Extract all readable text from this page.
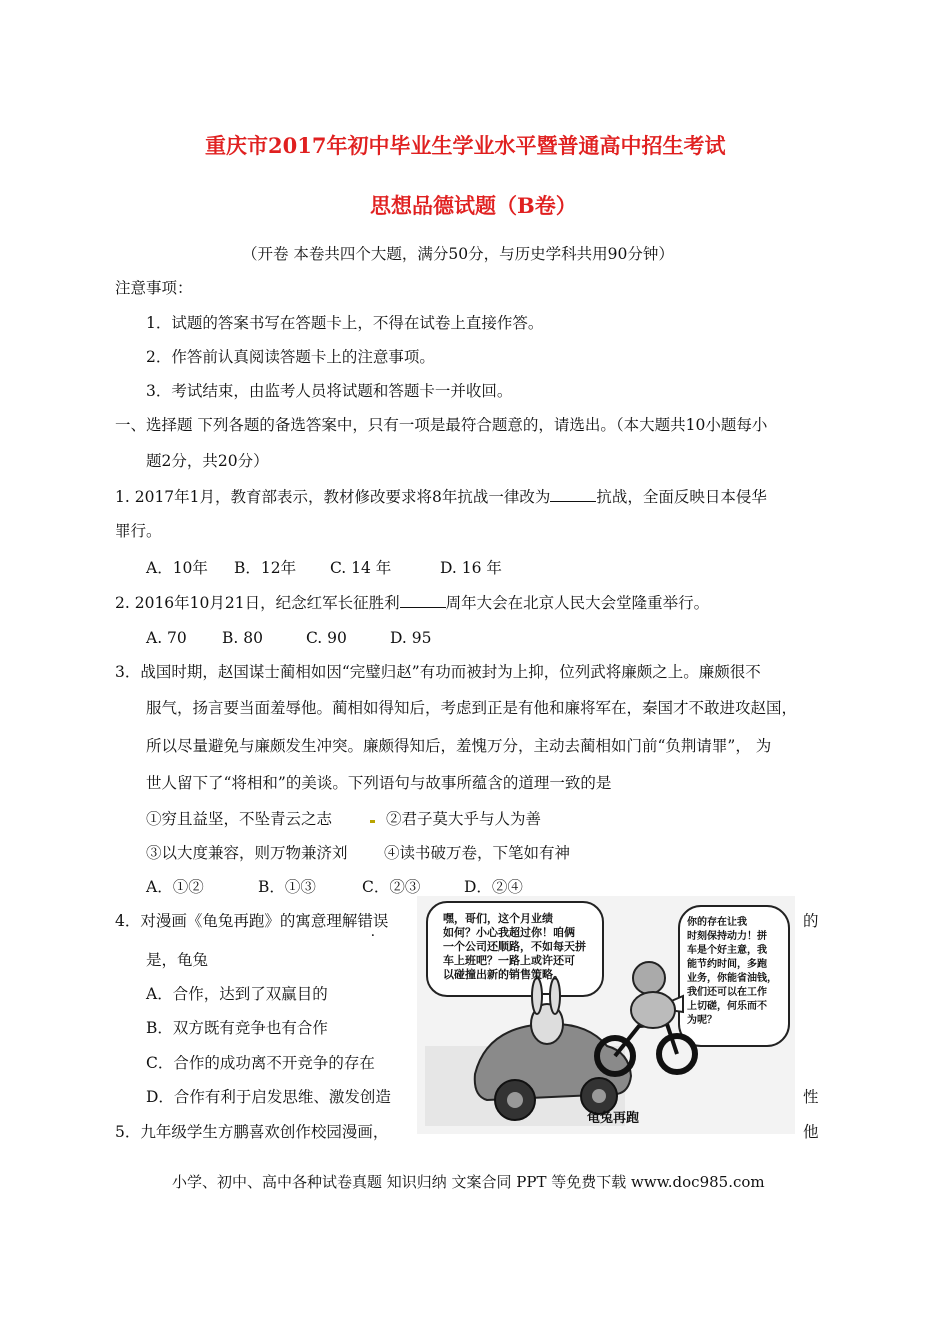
重庆市2017年初中毕业生学业水平暨普通高中招生考试
思想品德试题（B卷）
（开卷 本卷共四个大题，满分50分，与历史学科共用90分钟）
注意事项：
1．试题的答案书写在答题卡上，不得在试卷上直接作答。
2．作答前认真阅读答题卡上的注意事项。
3．考试结束，由监考人员将试题和答题卡一并收回。
一、选择题 下列各题的备选答案中，只有一项是最符合题意的，请选出。（本大题共10小题每小
题2分，共20分）
1. 2017年1月，教育部表示，教材修改要求将8年抗战一律改为	抗战，全面反映日本侵华
罪行。
A．10年 B．12年 C. 14 年	D. 16 年
2. 2016年10月21日，纪念红军长征胜利	周年大会在北京人民大会堂隆重举行。
A. 70 B. 80	C. 90	D. 95
3．战国时期，赵国谋士蔺相如因“完璧归赵”有功而被封为上抑，位列武将廉颇之上。廉颇很不
服气，扬言要当面羞辱他。蔺相如得知后，考虑到正是有他和廉将军在，秦国才不敢进攻赵国，
所以尽量避免与廉颇发生冲突。廉颇得知后，羞愧万分，主动去蔺相如门前“负荆请罪”， 为
世人留下了“将相和”的美谈。下列语句与故事所蕴含的道理一致的是
①穷且益坚，不坠青云之志	②君子莫大乎与人为善
③以大度兼容，则万物兼济刘 ④读书破万卷，下笔如有神
A．①②	B．①③	C．②③	D．②④
4．对漫画《龟兔再跑》的寓意理解错误	的
是，龟兔
A．合作，达到了双赢目的
B．双方既有竞争也有合作
C．合作的成功离不开竞争的存在
D．合作有利于启发思维、激发创造	性
5．九年级学生方鹏喜欢创作校园漫画，	他
嘿，哥们，这个月业绩
如何？小心我超过你！咱俩
一个公司还顺路，不如每天拼
车上班吧？一路上或许还可
以碰撞出新的销售策略。
你的存在让我
时刻保持动力！拼
车是个好主意，我
能节约时间，多跑
业务，你能省油钱，
我们还可以在工作
上切磋，何乐而不
为呢？
龟兔再跑
小学、初中、高中各种试卷真题 知识归纳 文案合同 PPT 等免费下载 www.doc985.com
